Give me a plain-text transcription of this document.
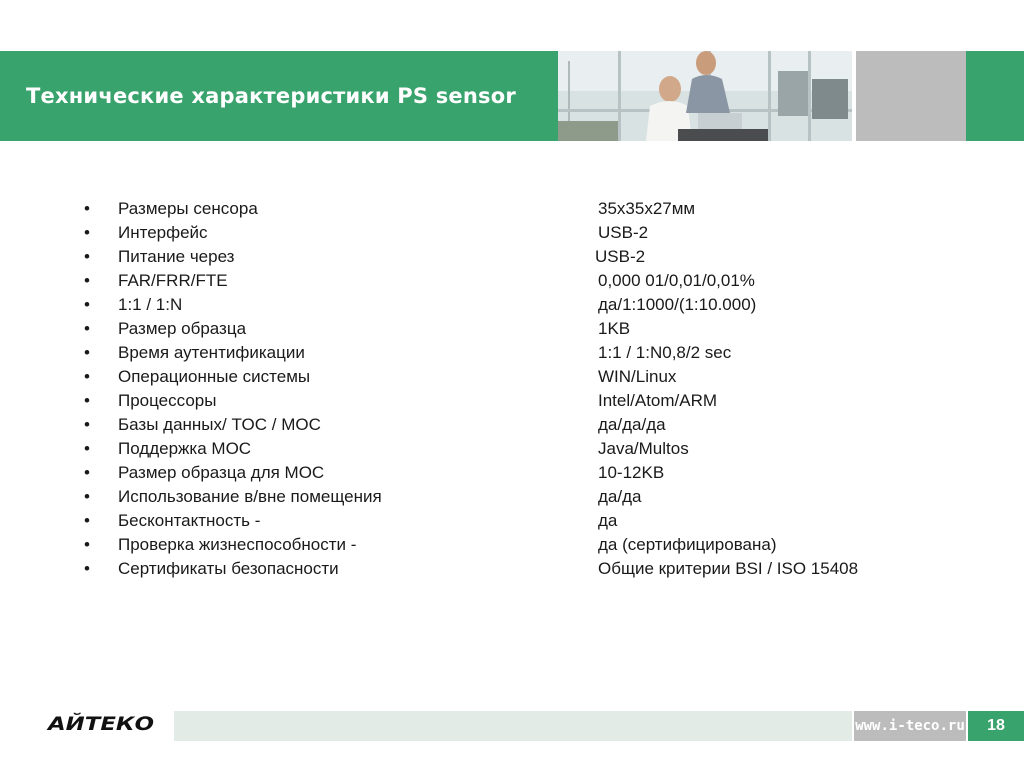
Технические характеристики PS sensor
• Размеры сенсора	35х35х27мм
• Интерфейс	USB-2
• Питание через	USB-2
• FAR/FRR/FTE	0,000 01/0,01/0,01%
• 1:1 / 1:N	да/1:1000/(1:10.000)
• Размер образца	1KB
• Время аутентификации	1:1 / 1:N0,8/2 sec
• Операционные системы	WIN/Linux
• Процессоры	Intel/Atom/ARM
• Базы данных/ TOC / MOC	да/да/да
• Поддержка MOC	Java/Multos
• Размер образца для MOC	10-12KB
• Использование в/вне помещения	да/да
• Бесконтактность -	да
• Проверка жизнеспособности -	да (сертифицирована)
• Сертификаты безопасности	Общие критерии BSI / ISO 15408
АЙТЕКО	www.i-teco.ru	18
